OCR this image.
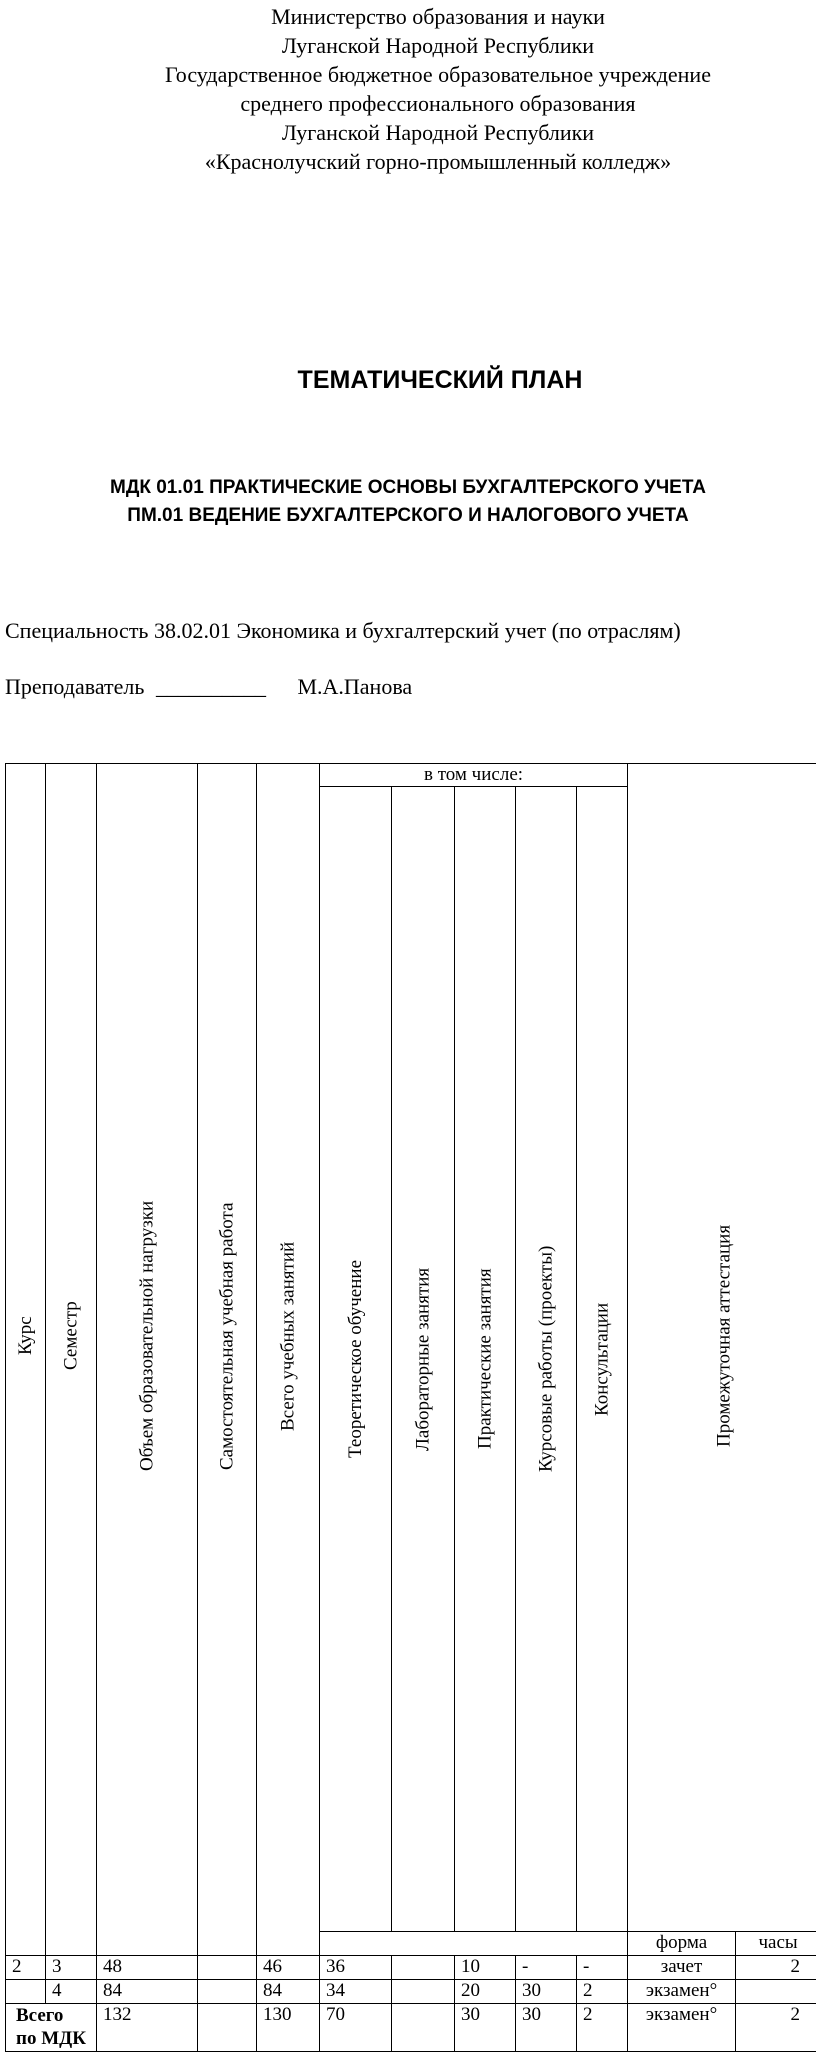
Министерство образования и науки
Луганской Народной Республики
Государственное бюджетное образовательное учреждение
среднего профессионального образования
Луганской Народной Республики
«Краснолучский горно-промышленный колледж»
ТЕМАТИЧЕСКИЙ ПЛАН
МДК 01.01 ПРАКТИЧЕСКИЕ ОСНОВЫ БУХГАЛТЕРСКОГО УЧЕТА
ПМ.01 ВЕДЕНИЕ БУХГАЛТЕРСКОГО И НАЛОГОВОГО УЧЕТА
Специальность 38.02.01 Экономика и бухгалтерский учет (по отраслям)
Преподаватель __________ М.А.Панова
Курс	Семестр	Объем образовательной нагрузки	Самостоятельная учебная работа	Всего учебных занятий
	в том числе:	
Промежуточная аттестация

Теоретическое обучение	Лабораторные занятия	Практические занятия	Курсовые работы (проекты)	Консультации
